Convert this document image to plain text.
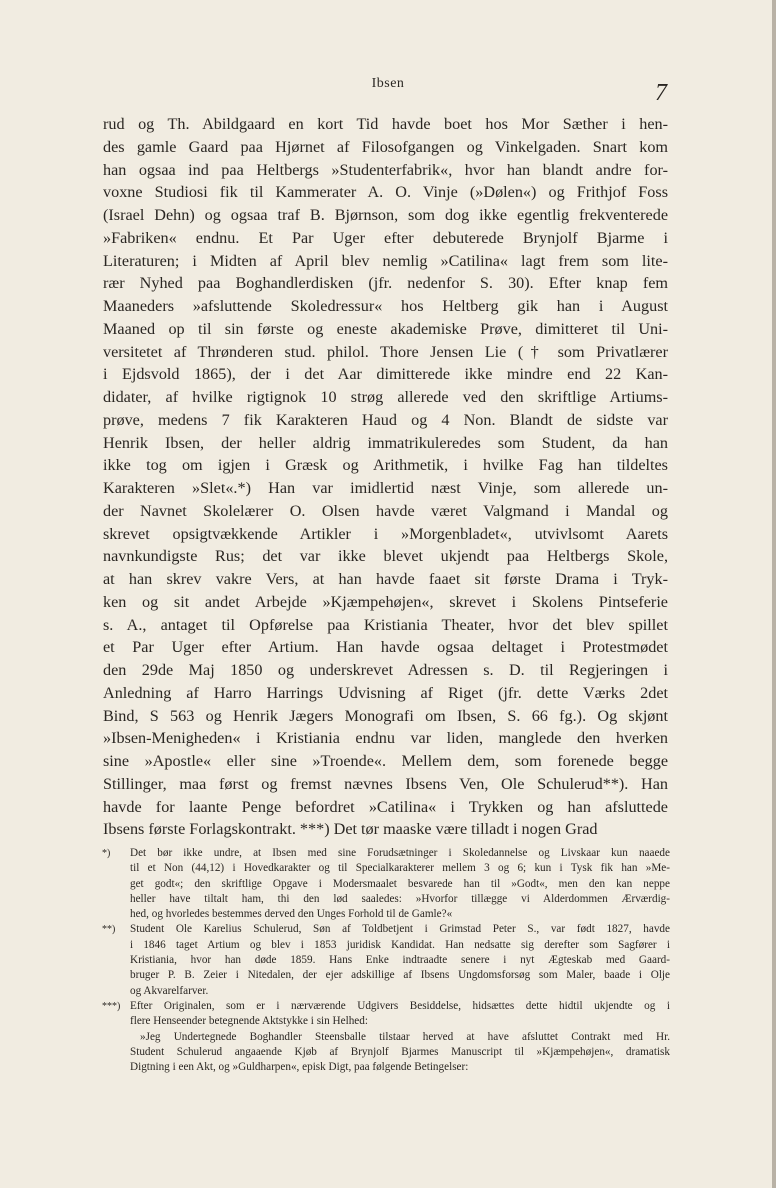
Ibsen	7
rud og Th. Abildgaard en kort Tid havde boet hos Mor Sæther i hen-
des gamle Gaard paa Hjørnet af Filosofgangen og Vinkelgaden. Snart kom
han ogsaa ind paa Heltbergs »Studenterfabrik«, hvor han blandt andre for-
voxne Studiosi fik til Kammerater A. O. Vinje (»Dølen«) og Frithjof Foss
(Israel Dehn) og ogsaa traf B. Bjørnson, som dog ikke egentlig frekventerede
»Fabriken« endnu. Et Par Uger efter debuterede Brynjolf Bjarme i
Literaturen; i Midten af April blev nemlig »Catilina« lagt frem som lite-
rær Nyhed paa Boghandlerdisken (jfr. nedenfor S. 30). Efter knap fem
Maaneders »afsluttende Skoledressur« hos Heltberg gik han i August
Maaned op til sin første og eneste akademiske Prøve, dimitteret til Uni-
versitetet af Thrønderen stud. philol. Thore Jensen Lie († som Privatlærer
i Ejdsvold 1865), der i det Aar dimitterede ikke mindre end 22 Kan-
didater, af hvilke rigtignok 10 strøg allerede ved den skriftlige Artiums-
prøve, medens 7 fik Karakteren Haud og 4 Non. Blandt de sidste var
Henrik Ibsen, der heller aldrig immatrikuleredes som Student, da han
ikke tog om igjen i Græsk og Arithmetik, i hvilke Fag han tildeltes
Karakteren »Slet«.*) Han var imidlertid næst Vinje, som allerede un-
der Navnet Skolelærer O. Olsen havde været Valgmand i Mandal og
skrevet opsigtvækkende Artikler i »Morgenbladet«, utvivlsomt Aarets
navnkundigste Rus; det var ikke blevet ukjendt paa Heltbergs Skole,
at han skrev vakre Vers, at han havde faaet sit første Drama i Tryk-
ken og sit andet Arbejde »Kjæmpehøjen«, skrevet i Skolens Pintseferie
s. A., antaget til Opførelse paa Kristiania Theater, hvor det blev spillet
et Par Uger efter Artium. Han havde ogsaa deltaget i Protestmødet
den 29de Maj 1850 og underskrevet Adressen s. D. til Regjeringen i
Anledning af Harro Harrings Udvisning af Riget (jfr. dette Værks 2det
Bind, S 563 og Henrik Jægers Monografi om Ibsen, S. 66 fg.). Og skjønt
»Ibsen-Menigheden« i Kristiania endnu var liden, manglede den hverken
sine »Apostle« eller sine »Troende«. Mellem dem, som forenede begge
Stillinger, maa først og fremst nævnes Ibsens Ven, Ole Schulerud**). Han
havde for laante Penge befordret »Catilina« i Trykken og han afsluttede
Ibsens første Forlagskontrakt. ***) Det tør maaske være tilladt i nogen Grad
*)	Det bør ikke undre, at Ibsen med sine Forudsætninger i Skoledannelse og Livskaar kun naaede
til et Non (44,12) i Hovedkarakter og til Specialkarakterer mellem 3 og 6; kun i Tysk fik han »Me-
get godt«; den skriftlige Opgave i Modersmaalet besvarede han til »Godt«, men den kan neppe
heller have tiltalt ham, thi den lød saaledes: »Hvorfor tillægge vi Alderdommen Ærværdig-
hed, og hvorledes bestemmes derved den Unges Forhold til de Gamle?«
**)	Student Ole Karelius Schulerud, Søn af Toldbetjent i Grimstad Peter S., var født 1827, havde
i 1846 taget Artium og blev i 1853 juridisk Kandidat. Han nedsatte sig derefter som Sagfører i
Kristiania, hvor han døde 1859. Hans Enke indtraadte senere i nyt Ægteskab med Gaard-
bruger P. B. Zeier i Nitedalen, der ejer adskillige af Ibsens Ungdomsforsøg som Maler, baade i Olje
og Akvarelfarver.
***) Efter Originalen, som er i nærværende Udgivers Besiddelse, hidsættes dette hidtil ukjendte og i
flere Henseender betegnende Aktstykke i sin Helhed:
»Jeg Undertegnede Boghandler Steensballe tilstaar herved at have afsluttet Contrakt med Hr.
Student Schulerud angaaende Kjøb af Brynjolf Bjarmes Manuscript til »Kjæmpehøjen«, dramatisk
Digtning i een Akt, og »Guldharpen«, episk Digt, paa følgende Betingelser:
